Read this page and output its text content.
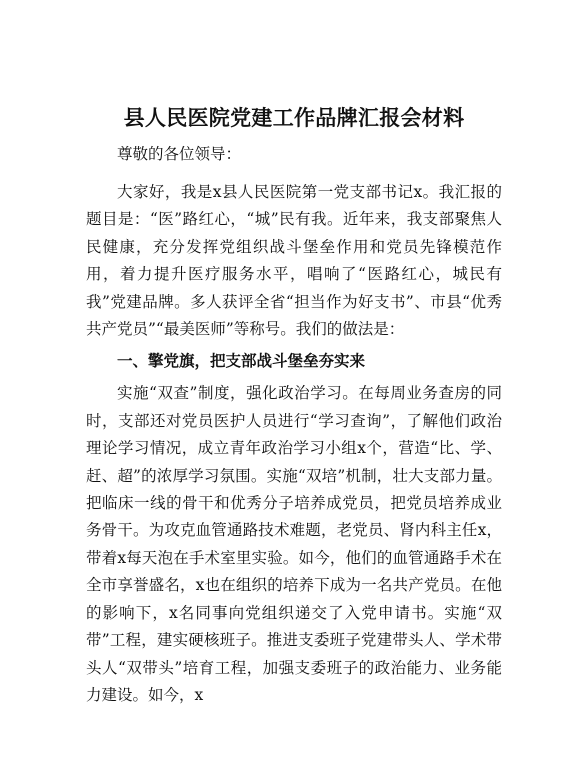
县人民医院党建工作品牌汇报会材料

尊敬的各位领导：

大家好，我是x县人民医院第一党支部书记x。我汇报的题目是：“医”路红心，“城”民有我。近年来，我支部聚焦人民健康，充分发挥党组织战斗堡垒作用和党员先锋模范作用，着力提升医疗服务水平，唱响了“医路红心，城民有我”党建品牌。多人获评全省“担当作为好支书”、市县“优秀共产党员”“最美医师”等称号。我们的做法是：

一、擎党旗，把支部战斗堡垒夯实来

实施“双查”制度，强化政治学习。在每周业务查房的同时，支部还对党员医护人员进行“学习查询”，了解他们政治理论学习情况，成立青年政治学习小组x个，营造“比、学、赶、超”的浓厚学习氛围。实施“双培”机制，壮大支部力量。把临床一线的骨干和优秀分子培养成党员，把党员培养成业务骨干。为攻克血管通路技术难题，老党员、肾内科主任x，带着x每天泡在手术室里实验。如今，他们的血管通路手术在全市享誉盛名，x也在组织的培养下成为一名共产党员。在他的影响下，x名同事向党组织递交了入党申请书。实施“双带”工程，建实硬核班子。推进支委班子党建带头人、学术带头人“双带头”培育工程，加强支委班子的政治能力、业务能力建设。如今，x
